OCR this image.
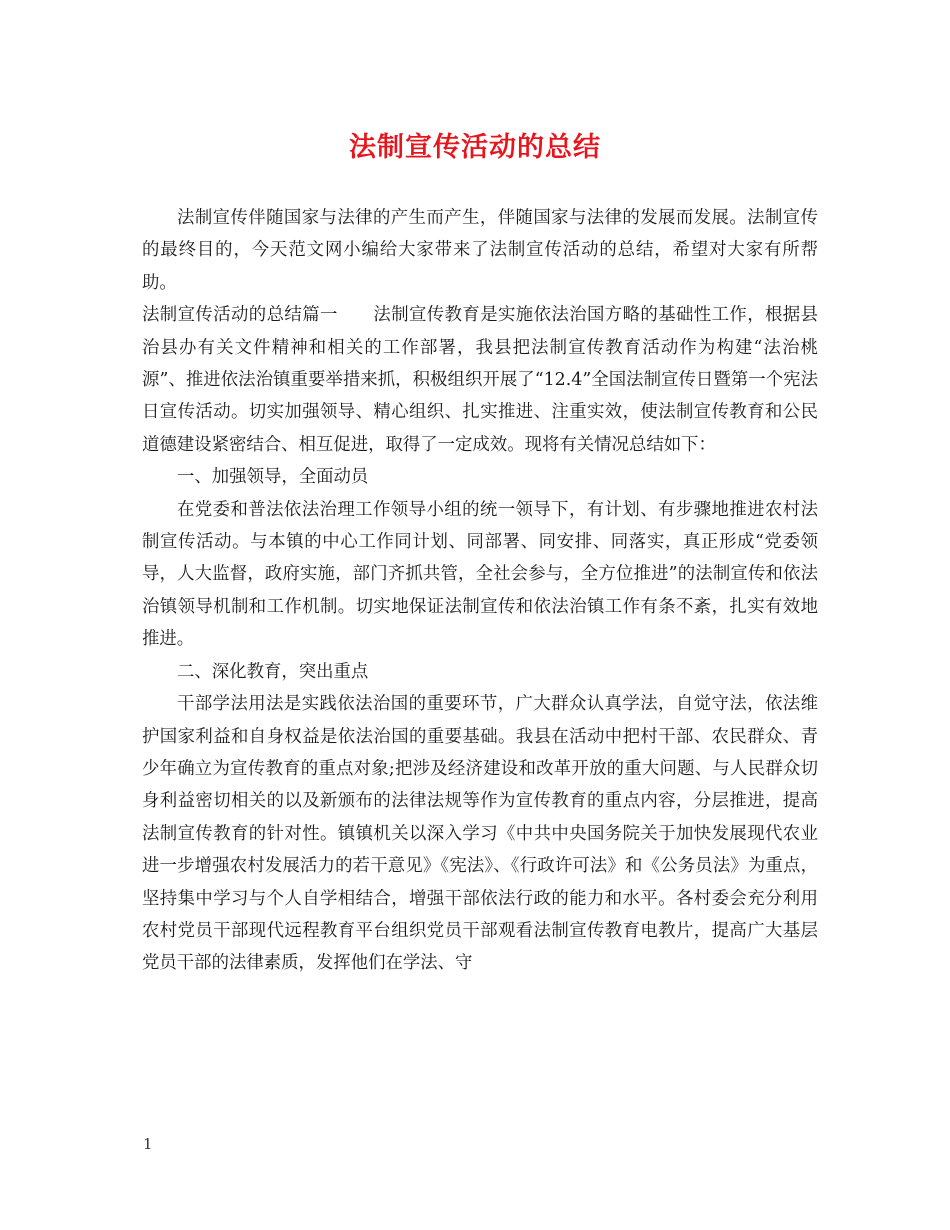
法制宣传活动的总结

法制宣传伴随国家与法律的产生而产生，伴随国家与法律的发展而发展。法制宣传的最终目的，今天范文网小编给大家带来了法制宣传活动的总结，希望对大家有所帮助。

法制宣传活动的总结篇一　　法制宣传教育是实施依法治国方略的基础性工作，根据县治县办有关文件精神和相关的工作部署，我县把法制宣传教育活动作为构建“法治桃源”、推进依法治镇重要举措来抓，积极组织开展了“12.4”全国法制宣传日暨第一个宪法日宣传活动。切实加强领导、精心组织、扎实推进、注重实效，使法制宣传教育和公民道德建设紧密结合、相互促进，取得了一定成效。现将有关情况总结如下：

一、加强领导，全面动员

在党委和普法依法治理工作领导小组的统一领导下，有计划、有步骤地推进农村法制宣传活动。与本镇的中心工作同计划、同部署、同安排、同落实，真正形成“党委领导，人大监督，政府实施，部门齐抓共管，全社会参与，全方位推进”的法制宣传和依法治镇领导机制和工作机制。切实地保证法制宣传和依法治镇工作有条不紊，扎实有效地推进。

二、深化教育，突出重点

干部学法用法是实践依法治国的重要环节，广大群众认真学法，自觉守法，依法维护国家利益和自身权益是依法治国的重要基础。我县在活动中把村干部、农民群众、青少年确立为宣传教育的重点对象;把涉及经济建设和改革开放的重大问题、与人民群众切身利益密切相关的以及新颁布的法律法规等作为宣传教育的重点内容，分层推进，提高法制宣传教育的针对性。镇镇机关以深入学习《中共中央国务院关于加快发展现代农业进一步增强农村发展活力的若干意见》《宪法》、《行政许可法》和《公务员法》为重点，坚持集中学习与个人自学相结合，增强干部依法行政的能力和水平。各村委会充分利用农村党员干部现代远程教育平台组织党员干部观看法制宣传教育电教片，提高广大基层党员干部的法律素质，发挥他们在学法、守

1
